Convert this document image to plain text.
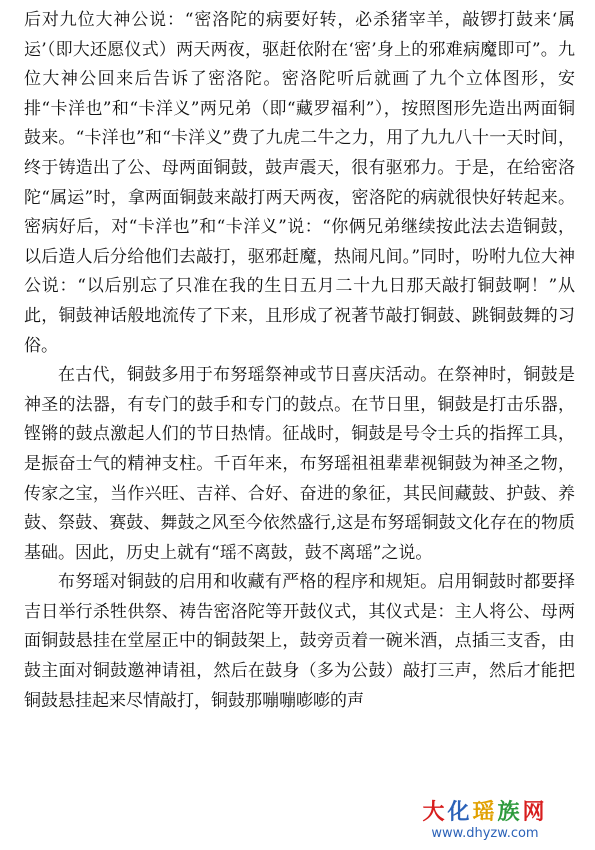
后对九位大神公说：“密洛陀的病要好转，必杀猪宰羊，敲锣打鼓来‘属运’（即大还愿仪式）两天两夜，驱赶依附在‘密’身上的邪难病魔即可”。九位大神公回来后告诉了密洛陀。密洛陀听后就画了九个立体图形，安排“卡洋也”和“卡洋义”两兄弟（即“藏罗福利”），按照图形先造出两面铜鼓来。“卡洋也”和“卡洋义”费了九虎二牛之力，用了九九八十一天时间，终于铸造出了公、母两面铜鼓，鼓声震天，很有驱邪力。于是，在给密洛陀“属运”时，拿两面铜鼓来敲打两天两夜，密洛陀的病就很快好转起来。密病好后，对“卡洋也”和“卡洋义”说：“你俩兄弟继续按此法去造铜鼓，以后造人后分给他们去敲打，驱邪赶魔，热闹凡间。”同时，吩咐九位大神公说：“以后别忘了只准在我的生日五月二十九日那天敲打铜鼓啊！”从此，铜鼓神话般地流传了下来，且形成了祝著节敲打铜鼓、跳铜鼓舞的习俗。

在古代，铜鼓多用于布努瑶祭神或节日喜庆活动。在祭神时，铜鼓是神圣的法器，有专门的鼓手和专门的鼓点。在节日里，铜鼓是打击乐器，铿锵的鼓点激起人们的节日热情。征战时，铜鼓是号令士兵的指挥工具，是振奋士气的精神支柱。千百年来，布努瑶祖祖辈辈视铜鼓为神圣之物，传家之宝，当作兴旺、吉祥、合好、奋进的象征，其民间藏鼓、护鼓、养鼓、祭鼓、赛鼓、舞鼓之风至今依然盛行,这是布努瑶铜鼓文化存在的物质基础。因此，历史上就有“瑶不离鼓，鼓不离瑶”之说。

布努瑶对铜鼓的启用和收藏有严格的程序和规矩。启用铜鼓时都要择吉日举行杀牲供祭、祷告密洛陀等开鼓仪式，其仪式是：主人将公、母两面铜鼓悬挂在堂屋正中的铜鼓架上，鼓旁贡着一碗米酒，点插三支香，由鼓主面对铜鼓邀神请祖，然后在鼓身（多为公鼓）敲打三声，然后才能把铜鼓悬挂起来尽情敲打，铜鼓那嘣嘣嘭嘭的声

大化瑶族网
www.dhyzw.com
